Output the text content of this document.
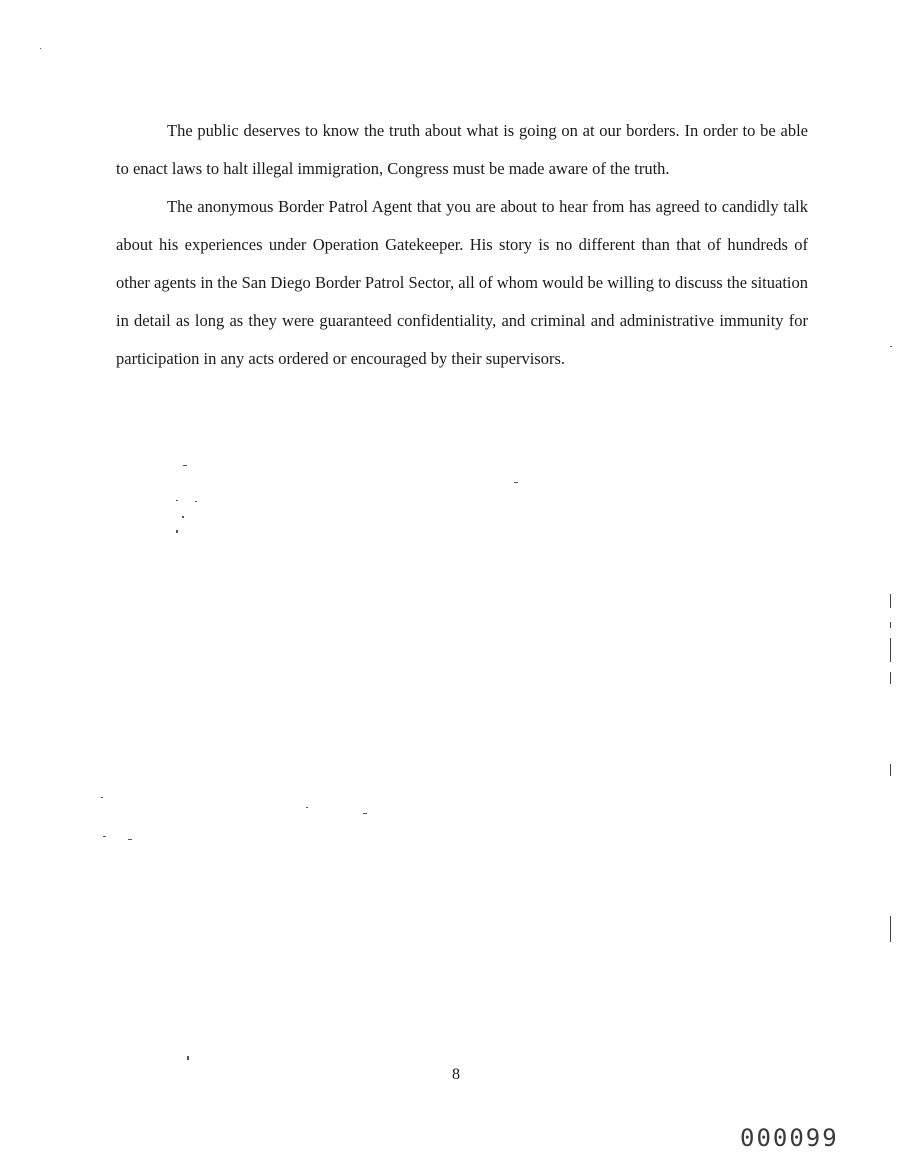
The public deserves to know the truth about what is going on at our borders. In order to be able to enact laws to halt illegal immigration, Congress must be made aware of the truth.

The anonymous Border Patrol Agent that you are about to hear from has agreed to candidly talk about his experiences under Operation Gatekeeper. His story is no different than that of hundreds of other agents in the San Diego Border Patrol Sector, all of whom would be willing to discuss the situation in detail as long as they were guaranteed confidentiality, and criminal and administrative immunity for participation in any acts ordered or encouraged by their supervisors.

8
000099
